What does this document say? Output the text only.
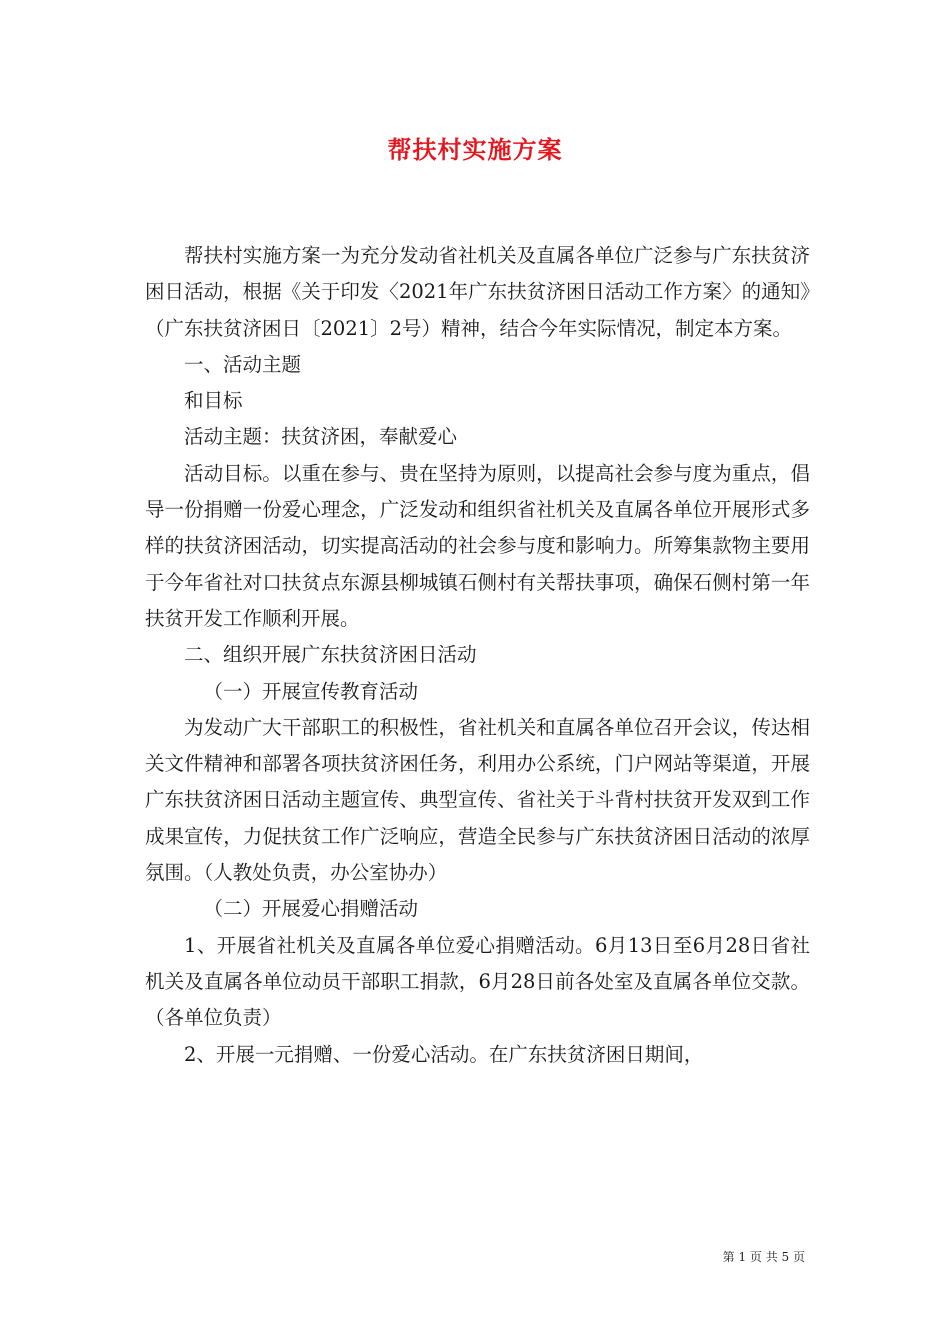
帮扶村实施方案

帮扶村实施方案一为充分发动省社机关及直属各单位广泛参与广东扶贫济困日活动，根据《关于印发〈2021年广东扶贫济困日活动工作方案〉的通知》（广东扶贫济困日〔2021〕2号）精神，结合今年实际情况，制定本方案。

一、活动主题

和目标

活动主题：扶贫济困，奉献爱心

活动目标。以重在参与、贵在坚持为原则，以提高社会参与度为重点，倡导一份捐赠一份爱心理念，广泛发动和组织省社机关及直属各单位开展形式多样的扶贫济困活动，切实提高活动的社会参与度和影响力。所筹集款物主要用于今年省社对口扶贫点东源县柳城镇石侧村有关帮扶事项，确保石侧村第一年扶贫开发工作顺利开展。

二、组织开展广东扶贫济困日活动

（一）开展宣传教育活动

为发动广大干部职工的积极性，省社机关和直属各单位召开会议，传达相关文件精神和部署各项扶贫济困任务，利用办公系统，门户网站等渠道，开展广东扶贫济困日活动主题宣传、典型宣传、省社关于斗背村扶贫开发双到工作成果宣传，力促扶贫工作广泛响应，营造全民参与广东扶贫济困日活动的浓厚氛围。（人教处负责，办公室协办）

（二）开展爱心捐赠活动

1、开展省社机关及直属各单位爱心捐赠活动。6月13日至6月28日省社机关及直属各单位动员干部职工捐款，6月28日前各处室及直属各单位交款。（各单位负责）

2、开展一元捐赠、一份爱心活动。在广东扶贫济困日期间，

第 1 页 共 5 页
